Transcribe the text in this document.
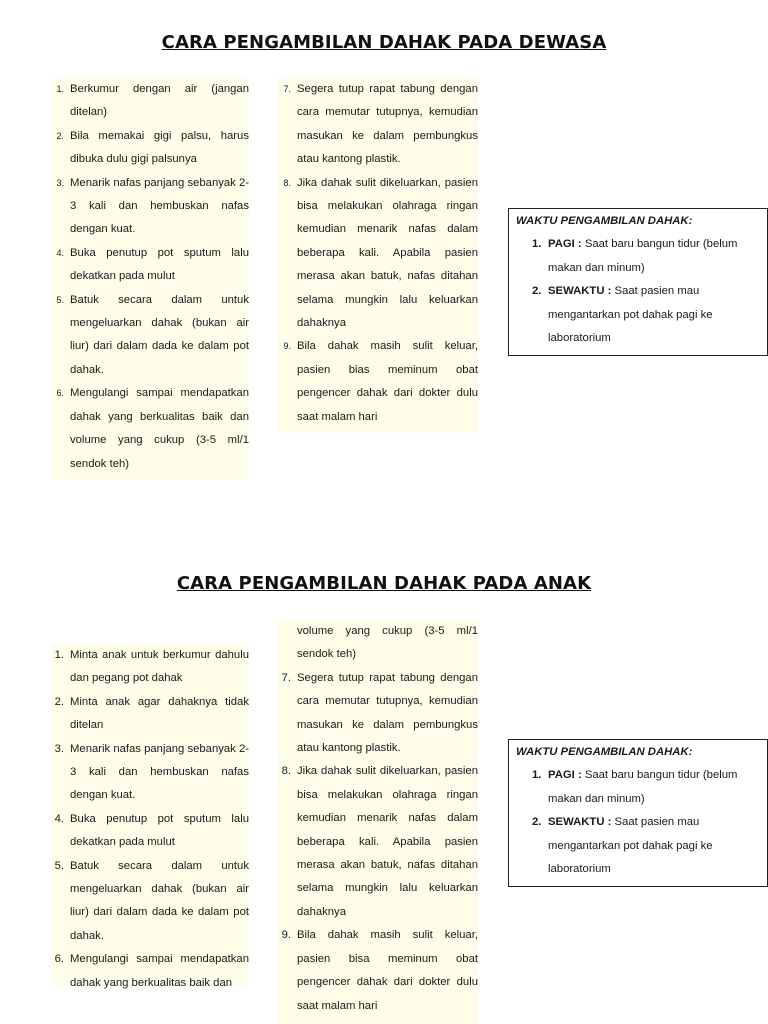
CARA PENGAMBILAN DAHAK PADA DEWASA
1. Berkumur dengan air (jangan ditelan)
2. Bila memakai gigi palsu, harus dibuka dulu gigi palsunya
3. Menarik nafas panjang sebanyak 2-3 kali dan hembuskan nafas dengan kuat.
4. Buka penutup pot sputum lalu dekatkan pada mulut
5. Batuk secara dalam untuk mengeluarkan dahak (bukan air liur) dari dalam dada ke dalam pot dahak.
6. Mengulangi sampai mendapatkan dahak yang berkualitas baik dan volume yang cukup (3-5 ml/1 sendok teh)
7. Segera tutup rapat tabung dengan cara memutar tutupnya, kemudian masukan ke dalam pembungkus atau kantong plastik.
8. Jika dahak sulit dikeluarkan, pasien bisa melakukan olahraga ringan kemudian menarik nafas dalam beberapa kali. Apabila pasien merasa akan batuk, nafas ditahan selama mungkin lalu keluarkan dahaknya
9. Bila dahak masih sulit keluar, pasien bias meminum obat pengencer dahak dari dokter dulu saat malam hari
WAKTU PENGAMBILAN DAHAK:
1. PAGI : Saat baru bangun tidur (belum makan dan minum)
2. SEWAKTU : Saat pasien mau mengantarkan pot dahak pagi ke laboratorium
CARA PENGAMBILAN DAHAK PADA ANAK
1. Minta anak untuk berkumur dahulu dan pegang pot dahak
2. Minta anak agar dahaknya tidak ditelan
3. Menarik nafas panjang sebanyak 2-3 kali dan hembuskan nafas dengan kuat.
4. Buka penutup pot sputum lalu dekatkan pada mulut
5. Batuk secara dalam untuk mengeluarkan dahak (bukan air liur) dari dalam dada ke dalam pot dahak.
6. Mengulangi sampai mendapatkan dahak yang berkualitas baik dan
volume yang cukup (3-5 ml/1 sendok teh)
7. Segera tutup rapat tabung dengan cara memutar tutupnya, kemudian masukan ke dalam pembungkus atau kantong plastik.
8. Jika dahak sulit dikeluarkan, pasien bisa melakukan olahraga ringan kemudian menarik nafas dalam beberapa kali. Apabila pasien merasa akan batuk, nafas ditahan selama mungkin lalu keluarkan dahaknya
9. Bila dahak masih sulit keluar, pasien bisa meminum obat pengencer dahak dari dokter dulu saat malam hari
WAKTU PENGAMBILAN DAHAK:
1. PAGI : Saat baru bangun tidur (belum makan dan minum)
2. SEWAKTU : Saat pasien mau mengantarkan pot dahak pagi ke laboratorium
